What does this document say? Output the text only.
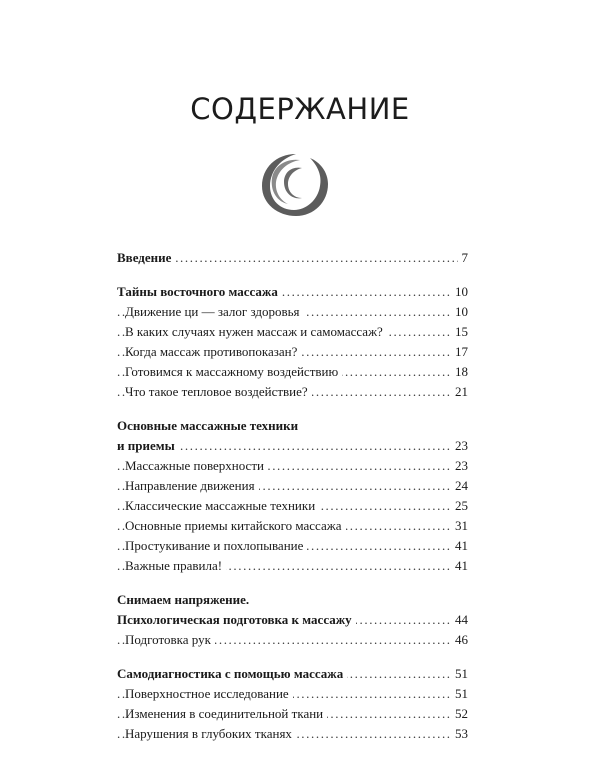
СОДЕРЖАНИЕ
Введение	7
.....
Тайны восточного массажа	10
.....
Движение ци — залог здоровья	10
.....
В каких случаях нужен массаж и самомассаж?	15
.....
Когда массаж противопоказан?	17
.....
Готовимся к массажному воздействию	18
.....
Что такое тепловое воздействие?	21
.....
Основные массажные техники
и приемы	23
.....
Массажные поверхности	23
.....
Направление движения	24
.....
Классические массажные техники	25
.....
Основные приемы китайского массажа	31
.....
Простукивание и похлопывание	41
.....
Важные правила!	41
.....
Снимаем напряжение.
Психологическая подготовка к массажу	44
.....
Подготовка рук	46
.....
Самодиагностика с помощью массажа	51
.....
Поверхностное исследование	51
.....
Изменения в соединительной ткани	52
.....
Нарушения в глубоких тканях	53
.....
